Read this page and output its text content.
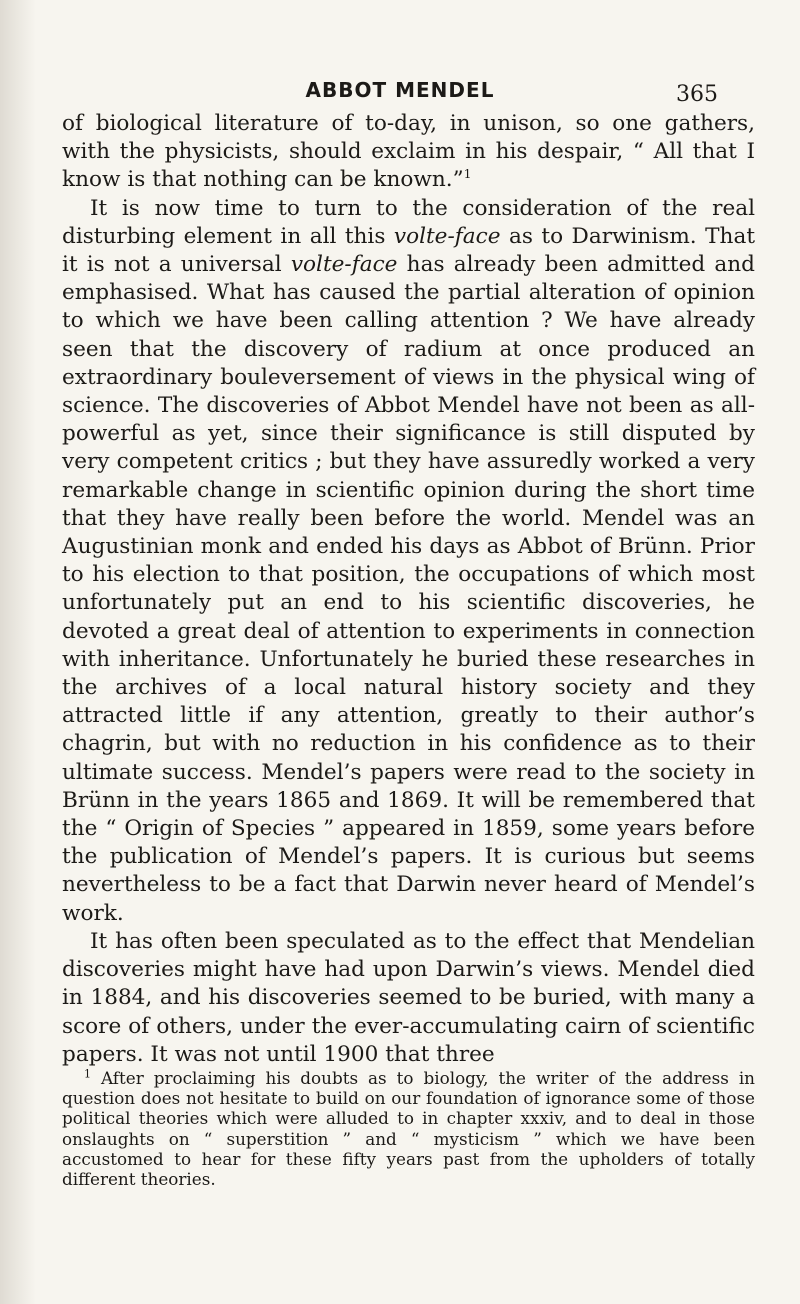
ABBOT MENDEL	365

of biological literature of to-day, in unison, so one gathers, with the physicists, should exclaim in his despair, “ All that I know is that nothing can be known.”$^1$

It is now time to turn to the consideration of the real disturbing element in all this volte-face as to Darwinism. That it is not a universal volte-face has already been admitted and emphasised. What has caused the partial alteration of opinion to which we have been calling attention ? We have already seen that the discovery of radium at once produced an extraordinary bouleversement of views in the physical wing of science. The discoveries of Abbot Mendel have not been as all-powerful as yet, since their significance is still disputed by very competent critics ; but they have assuredly worked a very remarkable change in scientific opinion during the short time that they have really been before the world. Mendel was an Augustinian monk and ended his days as Abbot of Brünn. Prior to his election to that position, the occupations of which most unfortunately put an end to his scientific discoveries, he devoted a great deal of attention to experiments in connection with inheritance. Unfortunately he buried these researches in the archives of a local natural history society and they attracted little if any attention, greatly to their author’s chagrin, but with no reduction in his confidence as to their ultimate success. Mendel’s papers were read to the society in Brünn in the years 1865 and 1869. It will be remembered that the “ Origin of Species ” appeared in 1859, some years before the publication of Mendel’s papers. It is curious but seems nevertheless to be a fact that Darwin never heard of Mendel’s work.

It has often been speculated as to the effect that Mendelian discoveries might have had upon Darwin’s views. Mendel died in 1884, and his discoveries seemed to be buried, with many a score of others, under the ever-accumulating cairn of scientific papers. It was not until 1900 that three

$^1$ After proclaiming his doubts as to biology, the writer of the address in question does not hesitate to build on our foundation of ignorance some of those political theories which were alluded to in chapter xxxiv, and to deal in those onslaughts on “ superstition ” and “ mysticism ” which we have been accustomed to hear for these fifty years past from the upholders of totally different theories.
